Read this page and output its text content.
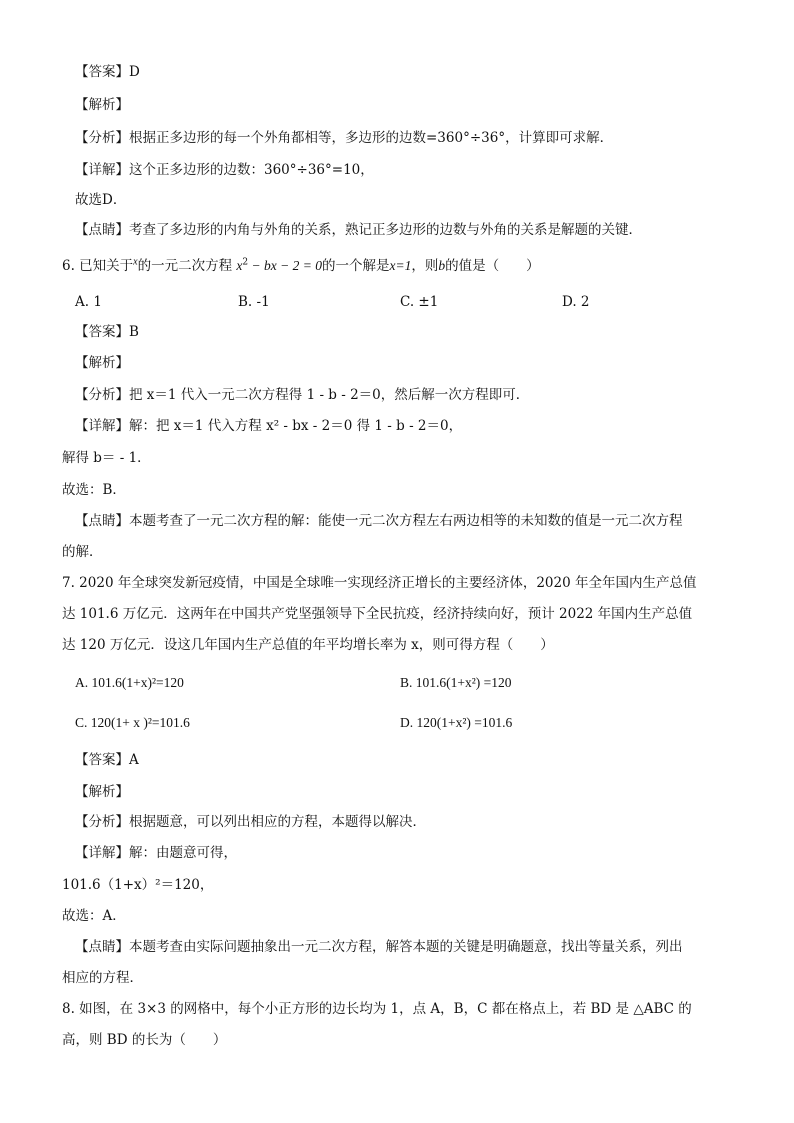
【答案】D
【解析】
【分析】根据正多边形的每一个外角都相等，多边形的边数=360°÷36°，计算即可求解．
【详解】这个正多边形的边数：360°÷36°=10，
故选D．
【点睛】考查了多边形的内角与外角的关系，熟记正多边形的边数与外角的关系是解题的关键．
6. 已知关于$^x$的一元二次方程 $x^2$ − bx − 2 = 0的一个解是x=1，则b的值是（　　）
A. 1	B. -1	C. ±1	D. 2
【答案】B
【解析】
【分析】把 x＝1 代入一元二次方程得 1 - b - 2＝0，然后解一次方程即可．
【详解】解：把 x＝1 代入方程 x² - bx - 2＝0 得 1 - b - 2＝0，
解得 b＝ - 1．
故选：B．
【点睛】本题考查了一元二次方程的解：能使一元二次方程左右两边相等的未知数的值是一元二次方程
的解．
7. 2020 年全球突发新冠疫情，中国是全球唯一实现经济正增长的主要经济体，2020 年全年国内生产总值
达 101.6 万亿元．这两年在中国共产党坚强领导下全民抗疫，经济持续向好，预计 2022 年国内生产总值
达 120 万亿元．设这几年国内生产总值的年平均增长率为 x，则可得方程（　　）
A. 101.6(1+x)²=120	B. 101.6(1+x²) =120
C. 120(1+ x )²=101.6	D. 120(1+x²) =101.6
【答案】A
【解析】
【分析】根据题意，可以列出相应的方程，本题得以解决．
【详解】解：由题意可得，
101.6（1+x）²＝120，
故选：A．
【点睛】本题考查由实际问题抽象出一元二次方程，解答本题的关键是明确题意，找出等量关系，列出
相应的方程．
8. 如图，在 3×3 的网格中，每个小正方形的边长均为 1，点 A，B，C 都在格点上，若 BD 是 △ABC 的
高，则 BD 的长为（　　）
